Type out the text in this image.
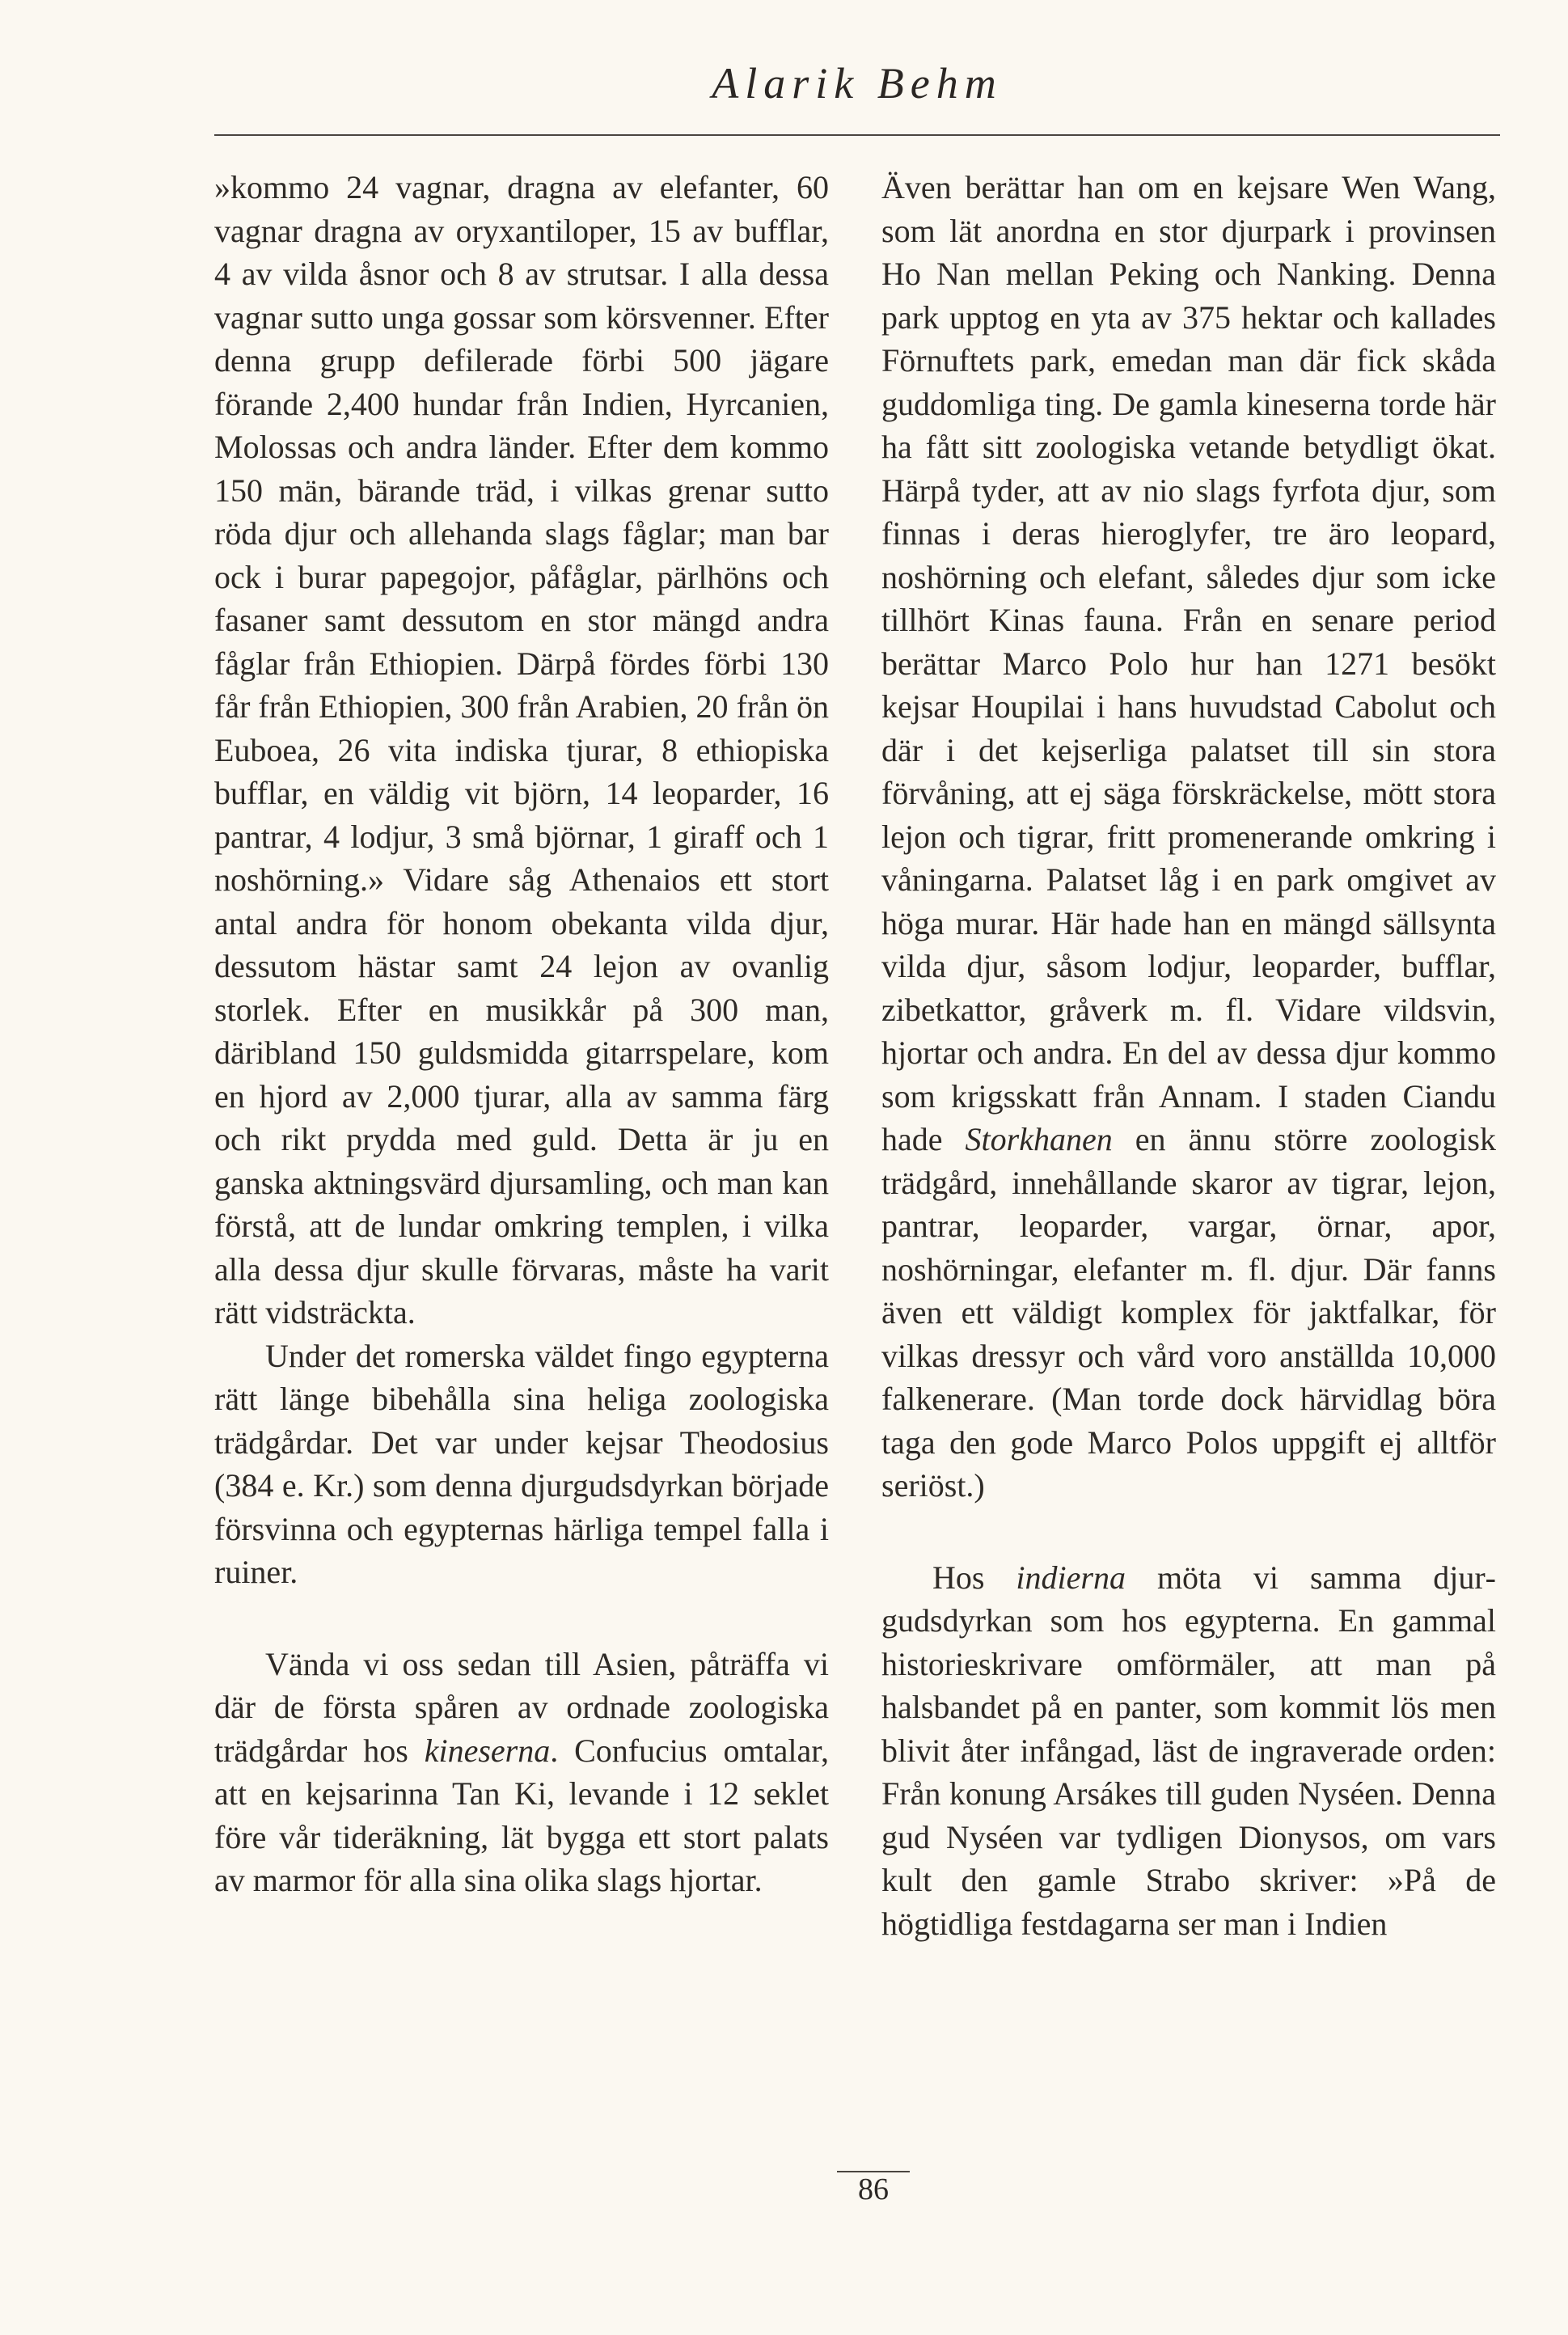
Alarik Behm

»kommo 24 vagnar, dragna av elefanter, 60 vagnar dragna av oryxantiloper, 15 av bufflar, 4 av vilda åsnor och 8 av strutsar. I alla dessa vagnar sutto unga gossar som körsvenner. Efter denna grupp defilerade förbi 500 jägare förande 2,400 hundar från Indien, Hyrcanien, Molossas och andra länder. Efter dem kommo 150 män, bärande träd, i vilkas grenar sutto röda djur och allehanda slags fåglar; man bar ock i burar papegojor, påfåglar, pärlhöns och fasaner samt dessutom en stor mängd andra fåglar från Ethiopien. Därpå fördes förbi 130 får från Ethiopien, 300 från Arabien, 20 från ön Euboea, 26 vita indiska tjurar, 8 ethiopiska bufflar, en väldig vit björn, 14 leoparder, 16 pantrar, 4 lodjur, 3 små björnar, 1 giraff och 1 noshörning.» Vidare såg Athenaios ett stort antal andra för honom obekanta vilda djur, dessutom hästar samt 24 lejon av ovanlig storlek. Efter en musikkår på 300 man, däribland 150 guldsmidda gitarrspelare, kom en hjord av 2,000 tjurar, alla av samma färg och rikt prydda med guld. Detta är ju en ganska aktningsvärd djursamling, och man kan förstå, att de lundar omkring templen, i vilka alla dessa djur skulle förvaras, måste ha varit rätt vidsträckta.

Under det romerska väldet fingo egypterna rätt länge bibehålla sina heliga zoologiska trädgårdar. Det var under kejsar Theodosius (384 e. Kr.) som denna djurgudsdyrkan började försvinna och egypternas härliga tempel falla i ruiner.

Vända vi oss sedan till Asien, påträffa vi där de första spåren av ordnade zoologiska trädgårdar hos kineserna. Confucius omtalar, att en kejsarinna Tan Ki, levande i 12 seklet före vår tideräkning, lät bygga ett stort palats av marmor för alla sina olika slags hjortar.

Även berättar han om en kejsare Wen Wang, som lät anordna en stor djurpark i provinsen Ho Nan mellan Peking och Nanking. Denna park upptog en yta av 375 hektar och kallades Förnuftets park, emedan man där fick skåda guddomliga ting. De gamla kineserna torde här ha fått sitt zoologiska vetande betydligt ökat. Härpå tyder, att av nio slags fyrfota djur, som finnas i deras hieroglyfer, tre äro leopard, noshörning och elefant, således djur som icke tillhört Kinas fauna. Från en senare period berättar Marco Polo hur han 1271 besökt kejsar Houpilai i hans huvudstad Cabolut och där i det kejserliga palatset till sin stora förvåning, att ej säga förskräckelse, mött stora lejon och tigrar, fritt promenerande omkring i våningarna. Palatset låg i en park omgivet av höga murar. Här hade han en mängd sällsynta vilda djur, såsom lodjur, leoparder, bufflar, zibetkattor, gråverk m. fl. Vidare vildsvin, hjortar och andra. En del av dessa djur kommo som krigsskatt från Annam. I staden Ciandu hade Storkhanen en ännu större zoologisk trädgård, innehållande skaror av tigrar, lejon, pantrar, leoparder, vargar, örnar, apor, noshörningar, elefanter m. fl. djur. Där fanns även ett väldigt komplex för jaktfalkar, för vilkas dressyr och vård voro anställda 10,000 falkenerare. (Man torde dock härvidlag böra taga den gode Marco Polos uppgift ej alltför seriöst.)

Hos indierna möta vi samma djurgudsdyrkan som hos egypterna. En gammal historieskrivare omförmäler, att man på halsbandet på en panter, som kommit lös men blivit åter infångad, läst de ingraverade orden: Från konung Arsákes till guden Nyséen. Denna gud Nyséen var tydligen Dionysos, om vars kult den gamle Strabo skriver: »På de högtidliga festdagarna ser man i Indien

86
